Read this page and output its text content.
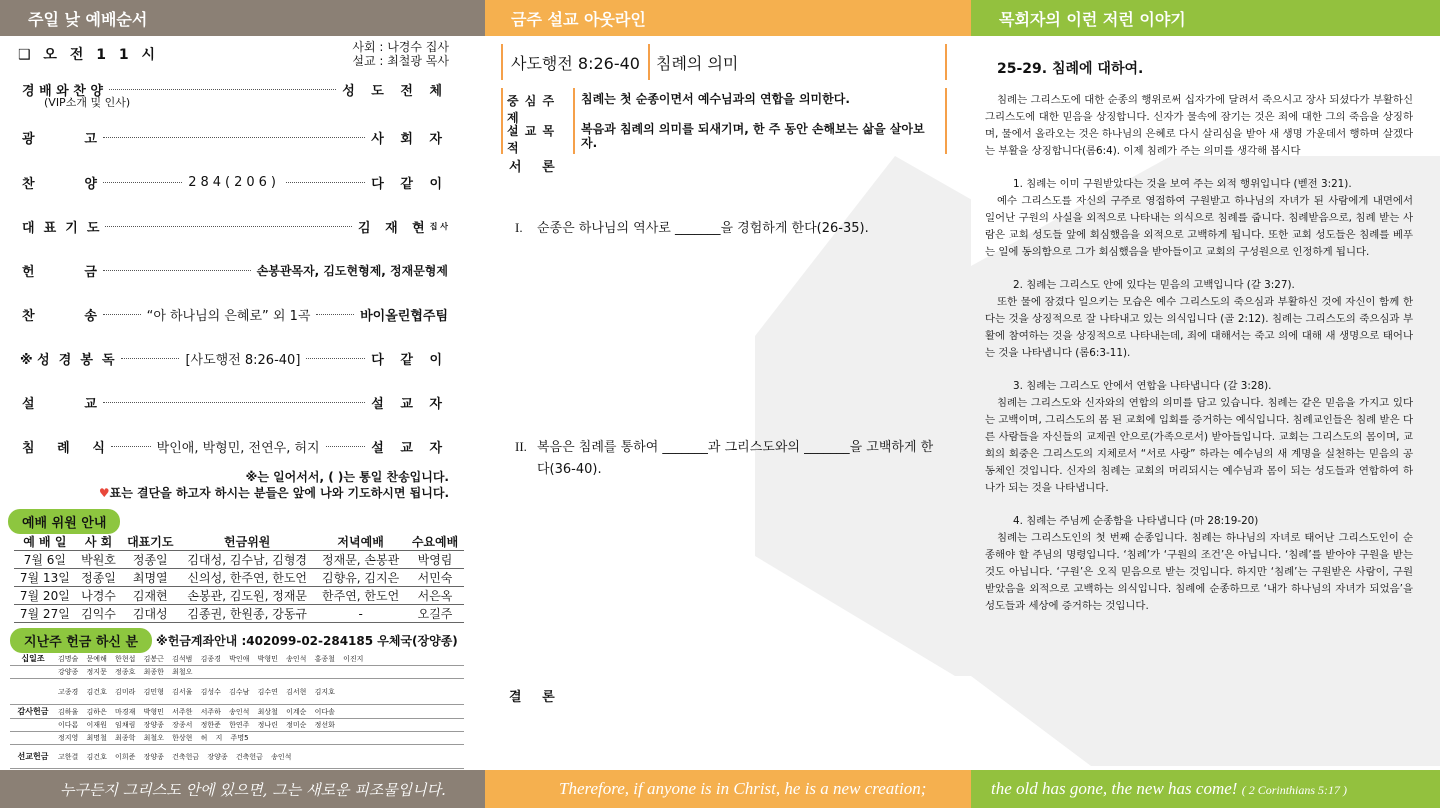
주일 낮 예배순서	금주 설교 아웃라인	목회자의 이런 저런 이야기
❑ 오 전 1 1 시	사회 : 나경수 집사
설교 : 최철광 목사
경 배 와 찬 양	성 도 전 체
(VIP소개 및 인사)
광           고	사 회 자
찬           양	284(206)	다 같 이
대  표  기  도	김 재 현 집 사
헌           금	손봉관목자, 김도현형제, 정재문형제
찬           송	“아 하나님의 은혜로” 외 1곡	바이올린협주팀
※ 성  경  봉  독	[사도행전 8:26-40]	다 같 이
설           교	설 교 자
침     례     식	박인애, 박형민, 전연우, 허지	설 교 자
※는 일어서서, ( )는 통일 찬송입니다.
♥표는 결단을 하고자 하시는 분들은 앞에 나와 기도하시면 됩니다.
예배 위원 안내
예 배 일	사 회	대표기도	헌금위원	저녁예배	수요예배
7월 6일	박원호	정종일	김대성, 김수남, 김형경	정재문, 손봉관	박영림
7월 13일	정종일	최명열	신의성, 한주연, 한도언	김향유, 김지은	서민숙
7월 20일	나경수	김재현	손봉관, 김도원, 정재문	한주연, 한도언	서은옥
7월 27일	김익수	김대성	김종권, 한원종, 강동규	-	오길주
지난주 헌금 하신 분	※헌금계좌안내 :402099-02-284185 우체국(장양종)
십일조	김명술 문예해 한현섭 김봉근 김석범 김종경 박인애 박형민 송인석 홍종철 이진지
	강양종 정지문 정종호 최종한 최철오
	고종경 김건호 김미라 김민형 김서율 김성수 김수남 김수연 김서현 김지호
감사헌금	김하율 김하은 마경재 박형민 서주한 서주하 송인석 최상철 이계순 이다솔
	이다롬 이재원 임채림 장양종 장종서 정한준 한연주 정나린 정미순 정선화
	정지영 최명철 최종학 최철오 한상현 허 지 주명5
선교헌금	고한결 김건호 이희준 장양종 건축헌금 장양종 건축헌금 송인석
사도행전 8:26-40	침례의 의미
중 심 주 제
침례는 첫 순종이면서 예수님과의 연합을 의미한다.
설 교 목 적
복음과 침례의 의미를 되새기며, 한 주 동안 손해보는 삶을 살아보자.
서 론
I. 순종은 하나님의 역사로 _______을 경험하게 한다(26-35).
II. 복음은 침례를 통하여 _______과 그리스도와의 _______을 고백하게 한다(36-40).
결 론
25-29. 침례에 대하여.

침례는 그리스도에 대한 순종의 행위로써 십자가에 달려서 죽으시고 장사 되셨다가 부활하신 그리스도에 대한 믿음을 상징합니다. 신자가 물속에 잠기는 것은 죄에 대한 그의 죽음을 상징하며, 물에서 올라오는 것은 하나님의 은혜로 다시 살리심을 받아 새 생명 가운데서 행하며 살겠다는 부활을 상징합니다(롬6:4). 이제 침례가 주는 의미를 생각해 봅시다

1. 침례는 이미 구원받았다는 것을 보여 주는 외적 행위입니다 (벧전 3:21).

예수 그리스도를 자신의 구주로 영접하여 구원받고 하나님의 자녀가 된 사람에게 내면에서 일어난 구원의 사실을 외적으로 나타내는 의식으로 침례를 줍니다. 침례받음으로, 침례 받는 사람은 교회 성도들 앞에 회심했음을 외적으로 고백하게 됩니다. 또한 교회 성도들은 침례를 베푸는 일에 동의함으로 그가 회심했음을 받아들이고 교회의 구성원으로 인정하게 됩니다.

2. 침례는 그리스도 안에 있다는 믿음의 고백입니다 (갈 3:27).

또한 물에 잠겼다 일으키는 모습은 예수 그리스도의 죽으심과 부활하신 것에 자신이 함께 한다는 것을 상징적으로 잘 나타내고 있는 의식입니다 (골 2:12). 침례는 그리스도의 죽으심과 부활에 참여하는 것을 상징적으로 나타내는데, 죄에 대해서는 죽고 의에 대해 새 생명으로 태어나는 것을 나타냅니다 (롬6:3-11).

3. 침례는 그리스도 안에서 연합을 나타냅니다 (갈 3:28).

침례는 그리스도와 신자와의 연합의 의미를 담고 있습니다. 침례는 같은 믿음을 가지고 있다는 고백이며, 그리스도의 몸 된 교회에 입회를 증거하는 예식입니다. 침례교인들은 침례 받은 다른 사람들을 자신들의 교제권 안으로(가족으로서) 받아들입니다. 교회는 그리스도의 몸이며, 교회의 회중은 그리스도의 지체로서 “서로 사랑” 하라는 예수님의 새 계명을 실천하는 믿음의 공동체인 것입니다. 신자의 침례는 교회의 머리되시는 예수님과 몸이 되는 성도들과 연합하여 하나가 되는 것을 나타냅니다.

4. 침례는 주님께 순종함을 나타냅니다 (마 28:19-20)

침례는 그리스도인의 첫 번째 순종입니다. 침례는 하나님의 자녀로 태어난 그리스도인이 순종해야 할 주님의 명령입니다. ‘침례’가 ‘구원의 조건’은 아닙니다. ‘침례’를 받아야 구원을 받는 것도 아닙니다. ‘구원’은 오직 믿음으로 받는 것입니다. 하지만 ‘침례’는 구원받은 사람이, 구원받았음을 외적으로 고백하는 의식입니다. 침례에 순종하므로 ‘내가 하나님의 자녀가 되었음’을 성도들과 세상에 증거하는 것입니다.

누구든지 그리스도 안에 있으면, 그는 새로운 피조물입니다.	Therefore, if anyone is in Christ, he is a new creation;	the old has gone, the new has come! ( 2 Corinthians 5:17 )
